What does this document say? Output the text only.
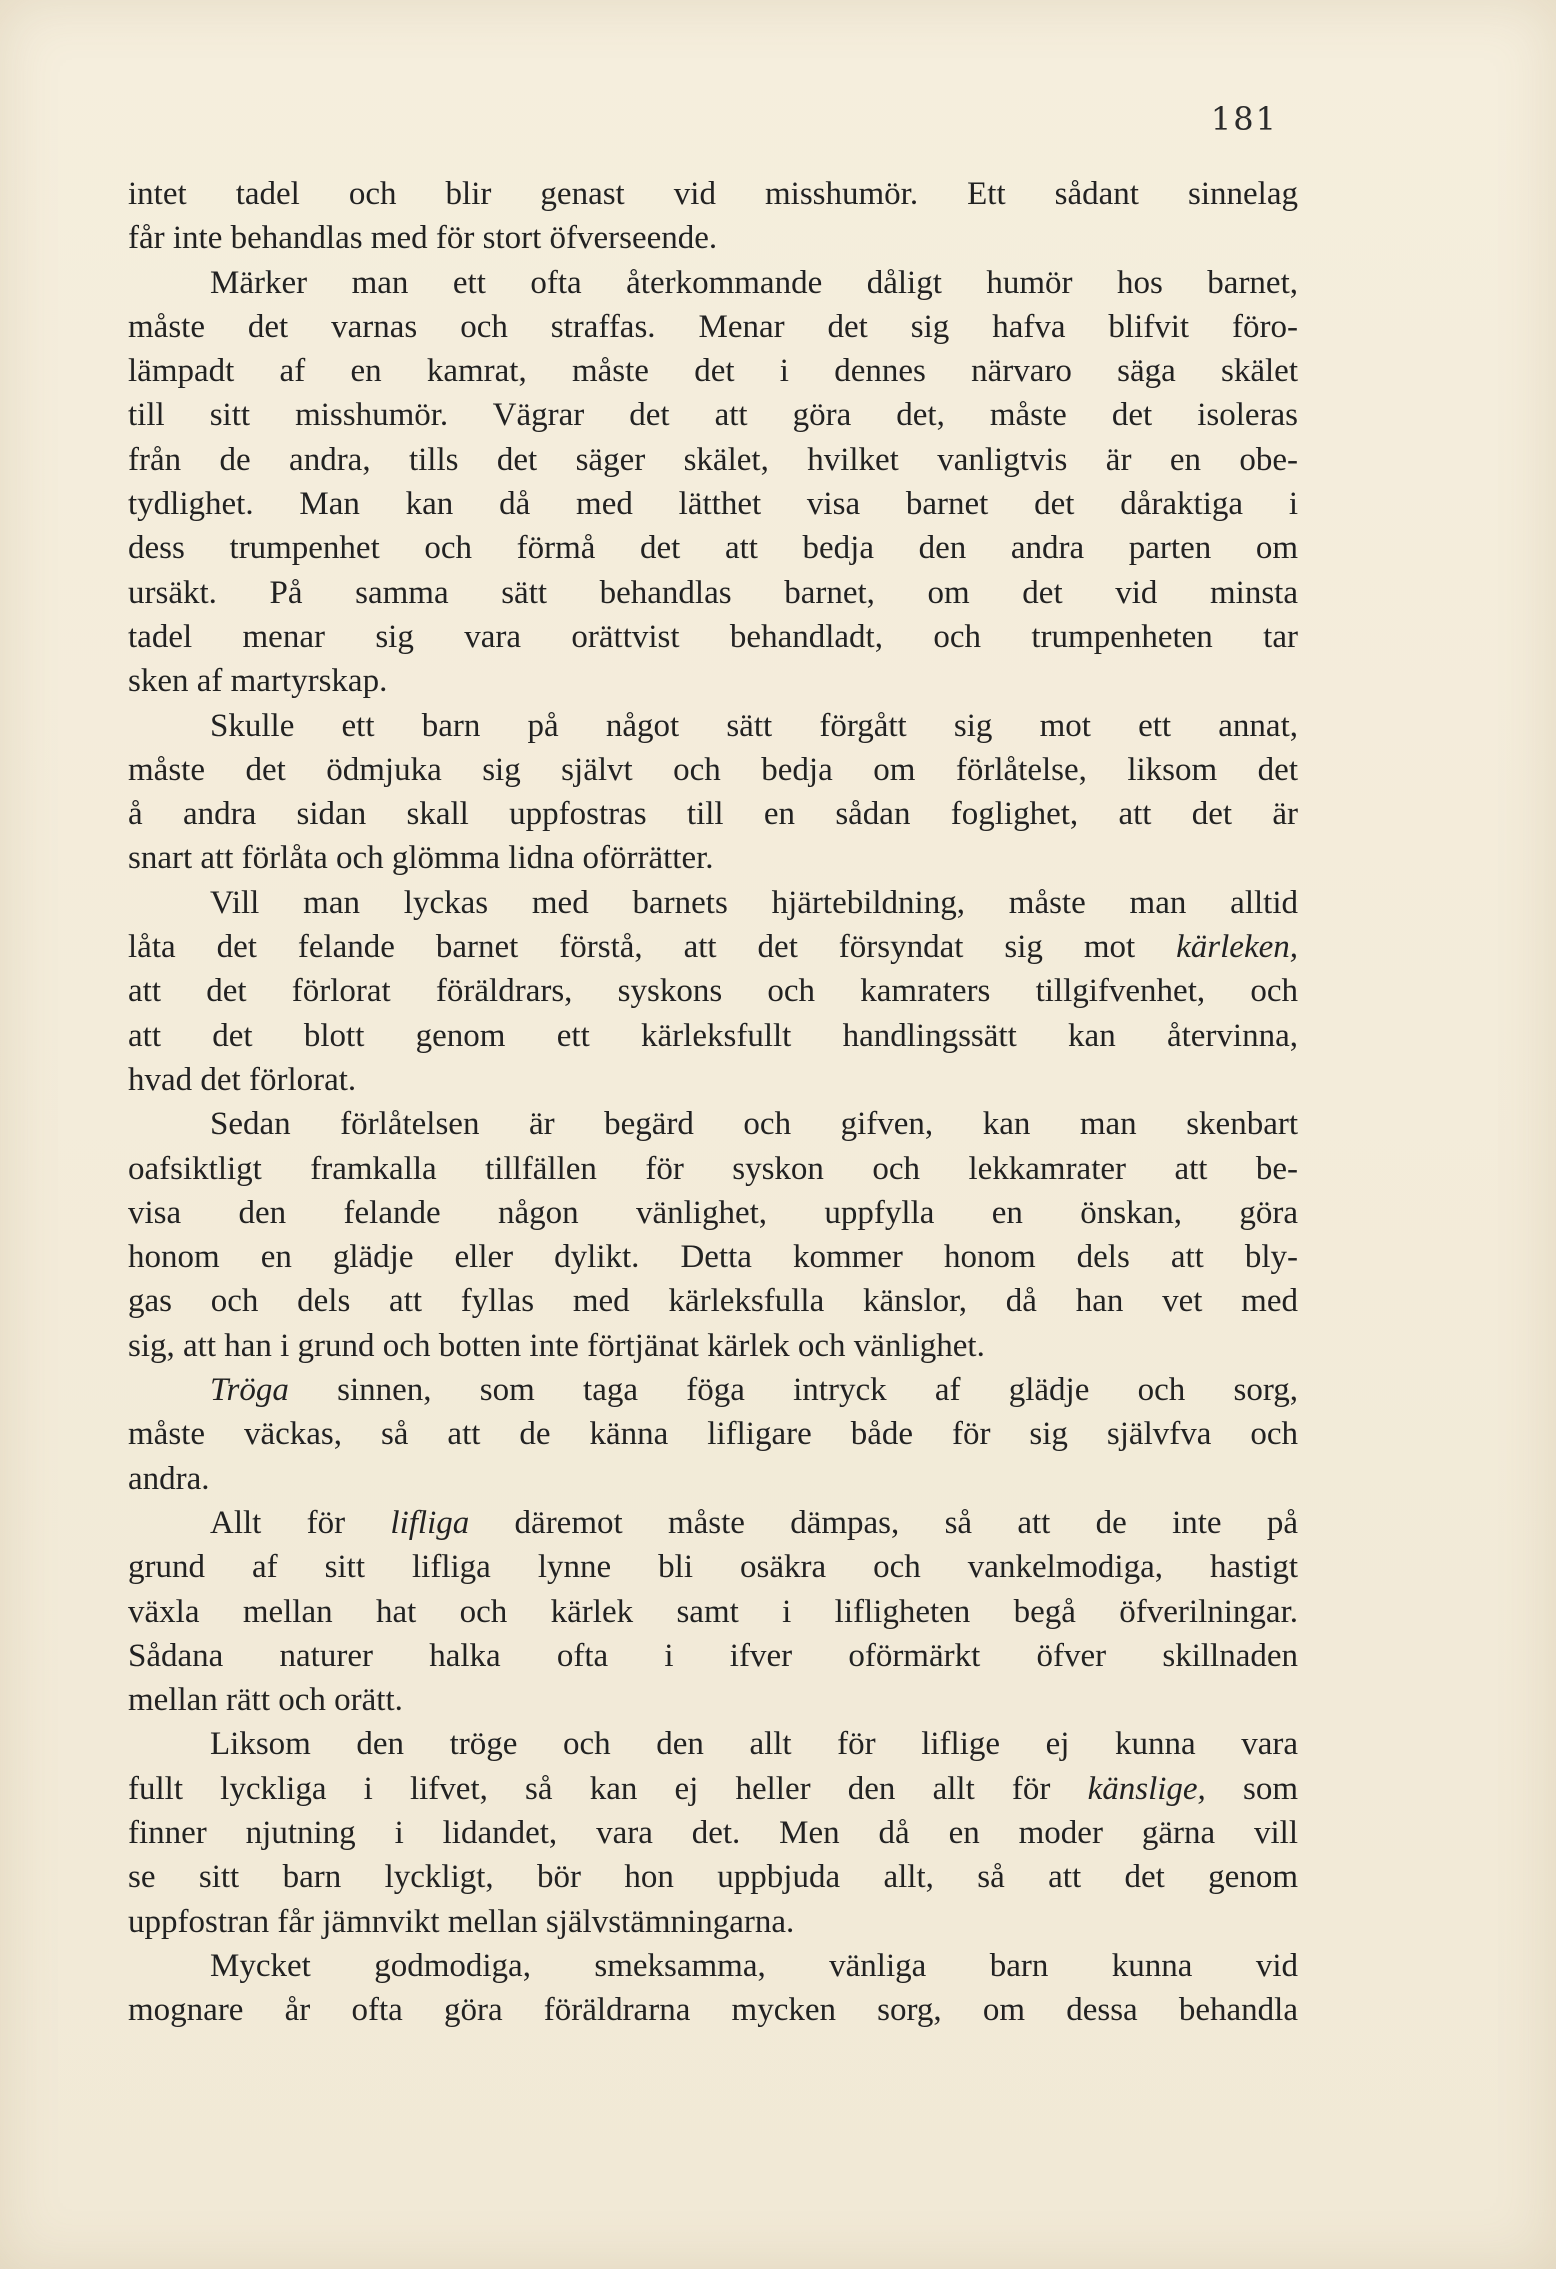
181
intet tadel och blir genast vid misshumör. Ett sådant sinnelag
får inte behandlas med för stort öfverseende.
Märker man ett ofta återkommande dåligt humör hos barnet,
måste det varnas och straffas. Menar det sig hafva blifvit föro-
lämpadt af en kamrat, måste det i dennes närvaro säga skälet
till sitt misshumör. Vägrar det att göra det, måste det isoleras
från de andra, tills det säger skälet, hvilket vanligtvis är en obe-
tydlighet. Man kan då med lätthet visa barnet det dåraktiga i
dess trumpenhet och förmå det att bedja den andra parten om
ursäkt. På samma sätt behandlas barnet, om det vid minsta
tadel menar sig vara orättvist behandladt, och trumpenheten tar
sken af martyrskap.
Skulle ett barn på något sätt förgått sig mot ett annat,
måste det ödmjuka sig självt och bedja om förlåtelse, liksom det
å andra sidan skall uppfostras till en sådan foglighet, att det är
snart att förlåta och glömma lidna oförrätter.
Vill man lyckas med barnets hjärtebildning, måste man alltid
låta det felande barnet förstå, att det försyndat sig mot kärleken,
att det förlorat föräldrars, syskons och kamraters tillgifvenhet, och
att det blott genom ett kärleksfullt handlingssätt kan återvinna,
hvad det förlorat.
Sedan förlåtelsen är begärd och gifven, kan man skenbart
oafsiktligt framkalla tillfällen för syskon och lekkamrater att be-
visa den felande någon vänlighet, uppfylla en önskan, göra
honom en glädje eller dylikt. Detta kommer honom dels att bly-
gas och dels att fyllas med kärleksfulla känslor, då han vet med
sig, att han i grund och botten inte förtjänat kärlek och vänlighet.
Tröga sinnen, som taga föga intryck af glädje och sorg,
måste väckas, så att de känna lifligare både för sig självfva och
andra.
Allt för lifliga däremot måste dämpas, så att de inte på
grund af sitt lifliga lynne bli osäkra och vankelmodiga, hastigt
växla mellan hat och kärlek samt i lifligheten begå öfverilningar.
Sådana naturer halka ofta i ifver oförmärkt öfver skillnaden
mellan rätt och orätt.
Liksom den tröge och den allt för liflige ej kunna vara
fullt lyckliga i lifvet, så kan ej heller den allt för känslige, som
finner njutning i lidandet, vara det. Men då en moder gärna vill
se sitt barn lyckligt, bör hon uppbjuda allt, så att det genom
uppfostran får jämnvikt mellan självstämningarna.
Mycket godmodiga, smeksamma, vänliga barn kunna vid
mognare år ofta göra föräldrarna mycken sorg, om dessa behandla
